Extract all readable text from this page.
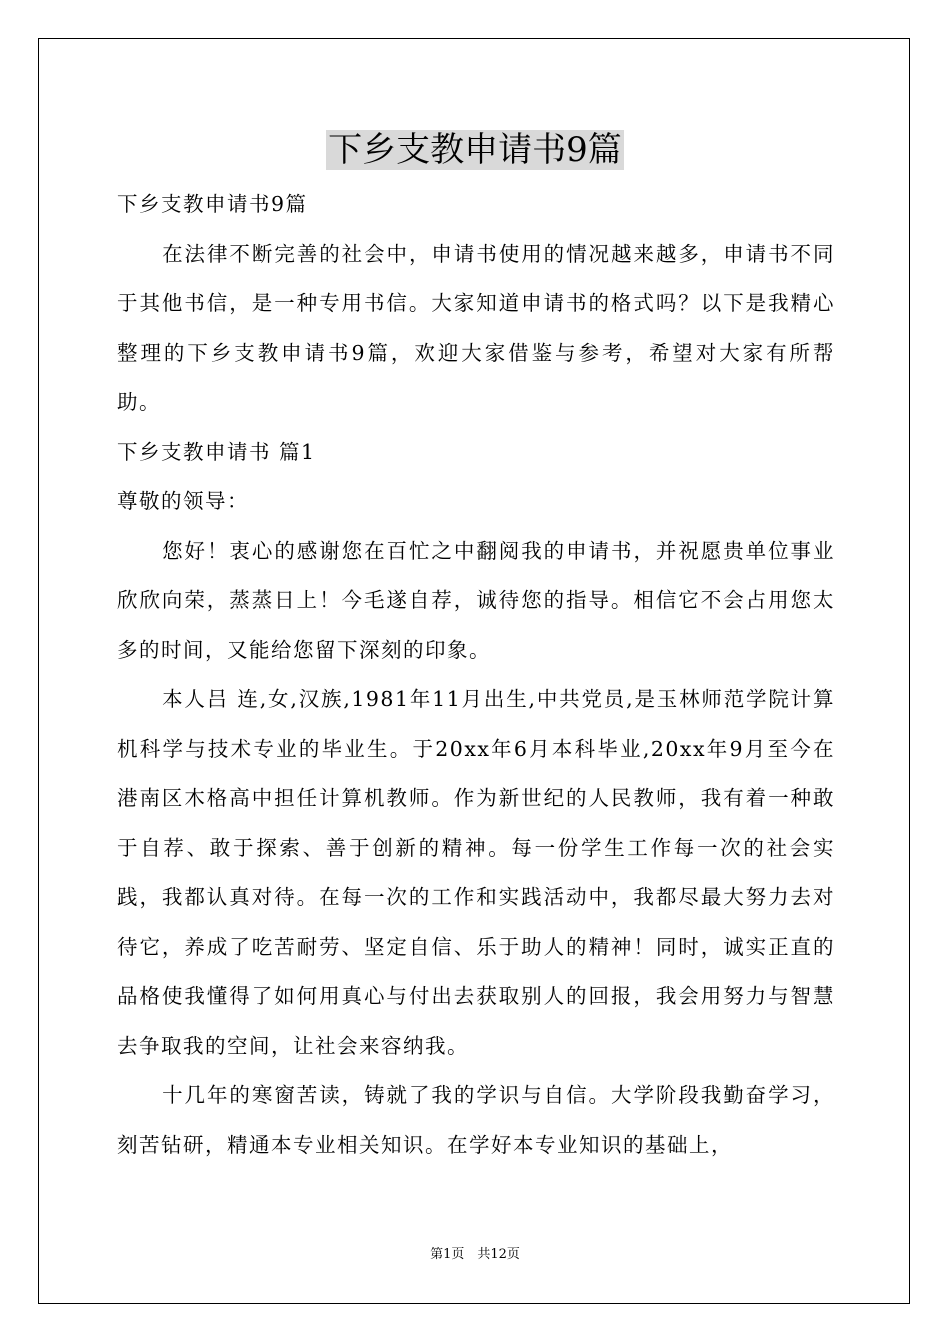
下乡支教申请书9篇

下乡支教申请书9篇

在法律不断完善的社会中，申请书使用的情况越来越多，申请书不同于其他书信，是一种专用书信。大家知道申请书的格式吗？以下是我精心整理的下乡支教申请书9篇，欢迎大家借鉴与参考，希望对大家有所帮助。

下乡支教申请书 篇1

尊敬的领导：

您好！衷心的感谢您在百忙之中翻阅我的申请书，并祝愿贵单位事业欣欣向荣，蒸蒸日上！今毛遂自荐，诚待您的指导。相信它不会占用您太多的时间，又能给您留下深刻的印象。

本人吕 连,女,汉族,1981年11月出生,中共党员,是玉林师范学院计算机科学与技术专业的毕业生。于20xx年6月本科毕业,20xx年9月至今在港南区木格高中担任计算机教师。作为新世纪的人民教师，我有着一种敢于自荐、敢于探索、善于创新的精神。每一份学生工作每一次的社会实践，我都认真对待。在每一次的工作和实践活动中，我都尽最大努力去对待它，养成了吃苦耐劳、坚定自信、乐于助人的精神！同时，诚实正直的品格使我懂得了如何用真心与付出去获取别人的回报，我会用努力与智慧去争取我的空间，让社会来容纳我。

十几年的寒窗苦读，铸就了我的学识与自信。大学阶段我勤奋学习，刻苦钻研，精通本专业相关知识。在学好本专业知识的基础上，

第1页　共12页
